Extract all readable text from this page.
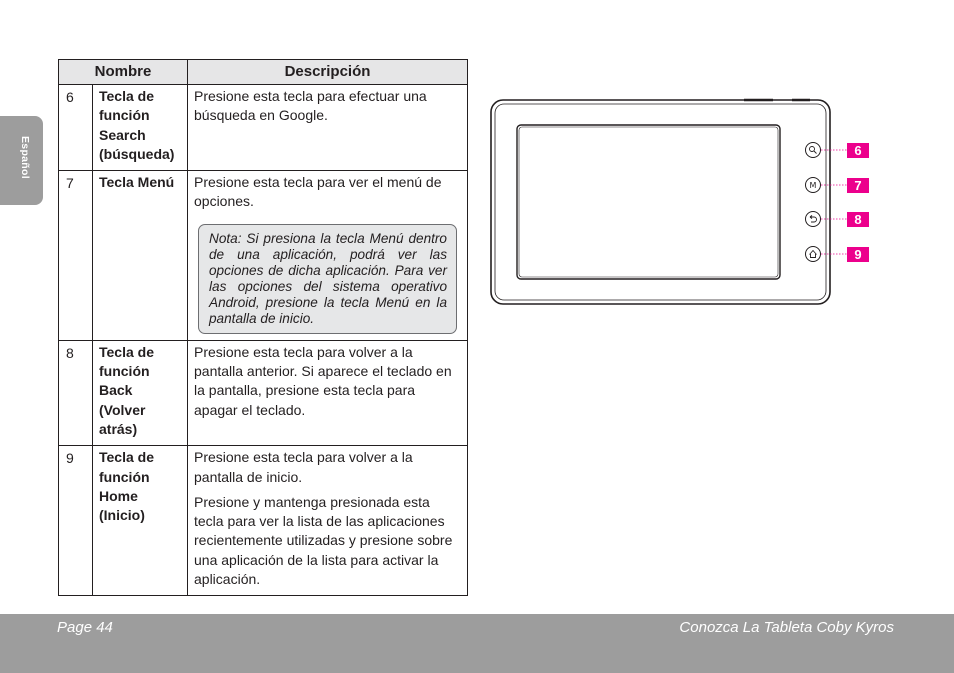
Español
Nombre		Descripción
6	Tecla de función Search (búsqueda)	Presione esta tecla para efectuar una búsqueda en Google.

7	Tecla Menú	Presione esta tecla para ver el menú de opciones.

Nota: Si presiona la tecla Menú dentro de una aplicación, podrá ver las opciones de dicha aplicación. Para ver las opciones del sistema operativo Android, presione la tecla Menú en la pantalla de inicio.

8	Tecla de función Back (Volver atrás)	Presione esta tecla para volver a la pantalla anterior. Si aparece el teclado en la pantalla, presione esta tecla para apagar el teclado.

9	Tecla de función Home (Inicio)	Presione esta tecla para volver a la pantalla de inicio.

Presione y mantenga presionada esta tecla para ver la lista de las aplicaciones recientemente utilizadas y presione sobre una aplicación de la lista para activar la aplicación.

M
6
7
8
9
Page 44	Conozca La Tableta Coby Kyros
